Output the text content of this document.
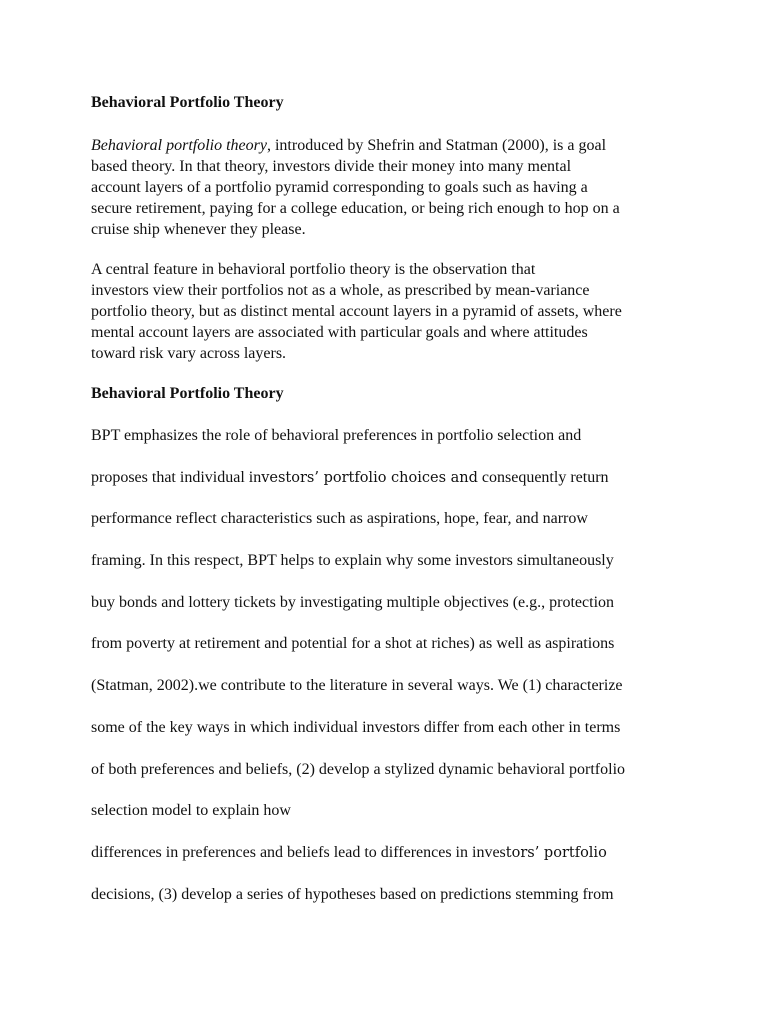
Behavioral Portfolio Theory
Behavioral portfolio theory, introduced by Shefrin and Statman (2000), is a goal
based theory. In that theory, investors divide their money into many mental
account layers of a portfolio pyramid corresponding to goals such as having a
secure retirement, paying for a college education, or being rich enough to hop on a
cruise ship whenever they please.
A central feature in behavioral portfolio theory is the observation that
investors view their portfolios not as a whole, as prescribed by mean-variance
portfolio theory, but as distinct mental account layers in a pyramid of assets, where
mental account layers are associated with particular goals and where attitudes
toward risk vary across layers.
Behavioral Portfolio Theory
BPT emphasizes the role of behavioral preferences in portfolio selection and
proposes that individual investors’ portfolio choices and consequently return
performance reflect characteristics such as aspirations, hope, fear, and narrow
framing. In this respect, BPT helps to explain why some investors simultaneously
buy bonds and lottery tickets by investigating multiple objectives (e.g., protection
from poverty at retirement and potential for a shot at riches) as well as aspirations
(Statman, 2002).we contribute to the literature in several ways. We (1) characterize
some of the key ways in which individual investors differ from each other in terms
of both preferences and beliefs, (2) develop a stylized dynamic behavioral portfolio
selection model to explain how
differences in preferences and beliefs lead to differences in investors’ portfolio
decisions, (3) develop a series of hypotheses based on predictions stemming from
